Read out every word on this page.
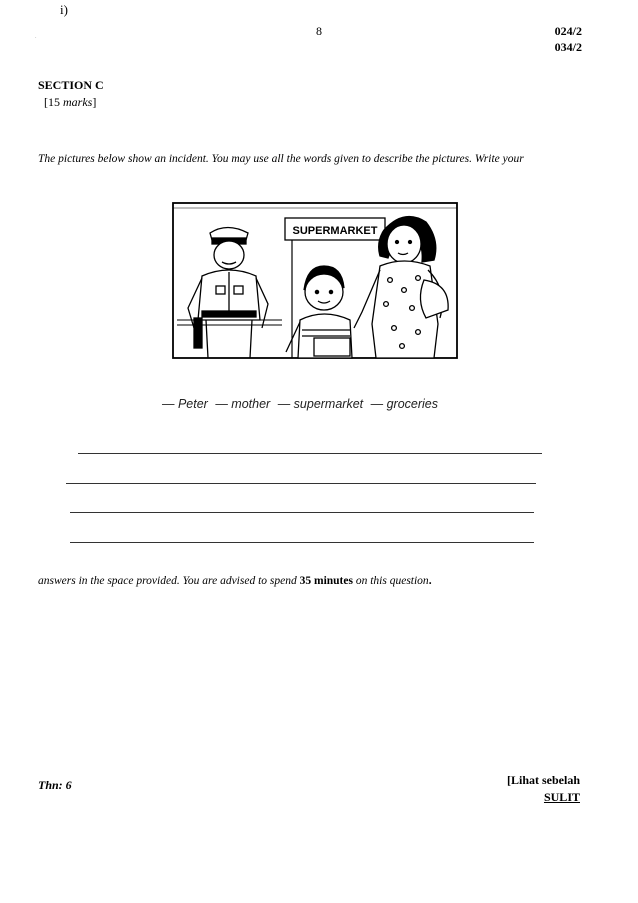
i)
8	024/2
034/2
.
SECTION C
[15 marks]
The pictures below show an incident. You may use all the words given to describe the pictures. Write your
SUPERMARKET
— Peter — mother — supermarket — groceries
answers in the space provided. You are advised to spend 35 minutes on this question.
Thn: 6	[Lihat sebelah
SULIT
